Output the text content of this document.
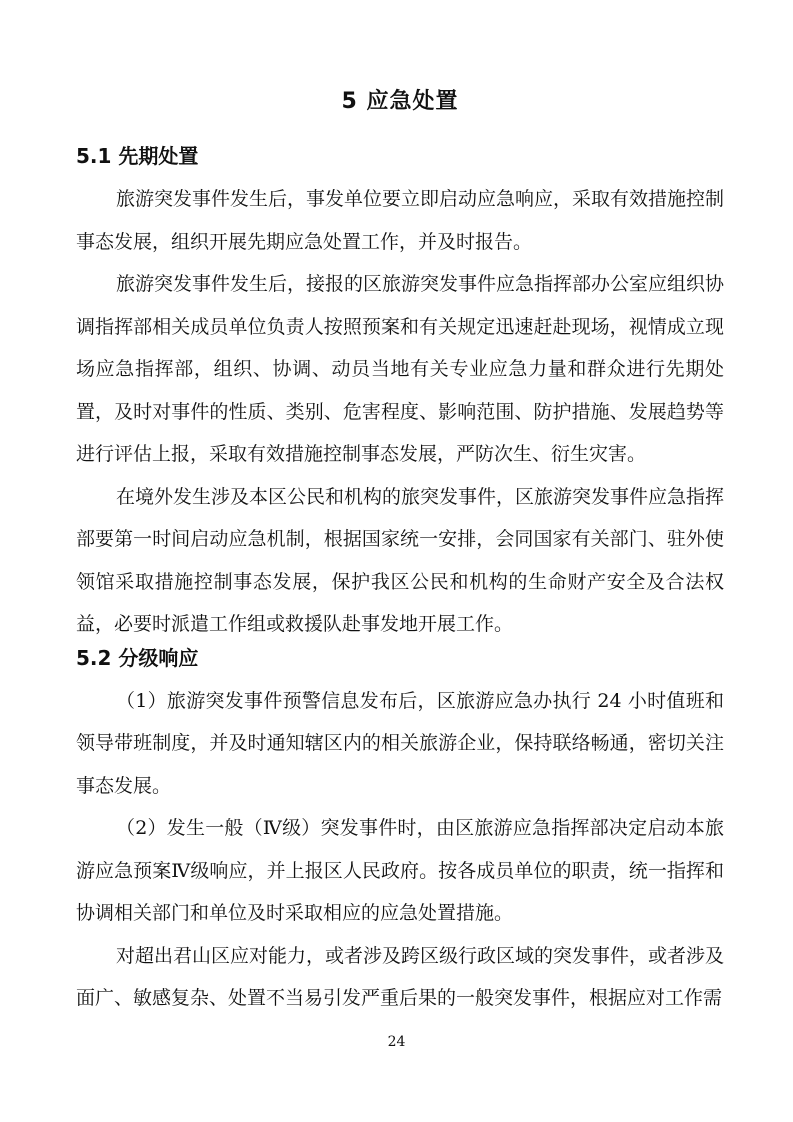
5 应急处置
5.1 先期处置

旅游突发事件发生后，事发单位要立即启动应急响应，采取有效措施控制事态发展，组织开展先期应急处置工作，并及时报告。

旅游突发事件发生后，接报的区旅游突发事件应急指挥部办公室应组织协调指挥部相关成员单位负责人按照预案和有关规定迅速赶赴现场，视情成立现场应急指挥部，组织、协调、动员当地有关专业应急力量和群众进行先期处置，及时对事件的性质、类别、危害程度、影响范围、防护措施、发展趋势等进行评估上报，采取有效措施控制事态发展，严防次生、衍生灾害。

在境外发生涉及本区公民和机构的旅突发事件，区旅游突发事件应急指挥部要第一时间启动应急机制，根据国家统一安排，会同国家有关部门、驻外使领馆采取措施控制事态发展，保护我区公民和机构的生命财产安全及合法权益，必要时派遣工作组或救援队赴事发地开展工作。

5.2 分级响应

（1）旅游突发事件预警信息发布后，区旅游应急办执行 24 小时值班和领导带班制度，并及时通知辖区内的相关旅游企业，保持联络畅通，密切关注事态发展。

（2）发生一般（Ⅳ级）突发事件时，由区旅游应急指挥部决定启动本旅游应急预案Ⅳ级响应，并上报区人民政府。按各成员单位的职责，统一指挥和协调相关部门和单位及时采取相应的应急处置措施。

对超出君山区应对能力，或者涉及跨区级行政区域的突发事件，或者涉及面广、敏感复杂、处置不当易引发严重后果的一般突发事件，根据应对工作需

24
